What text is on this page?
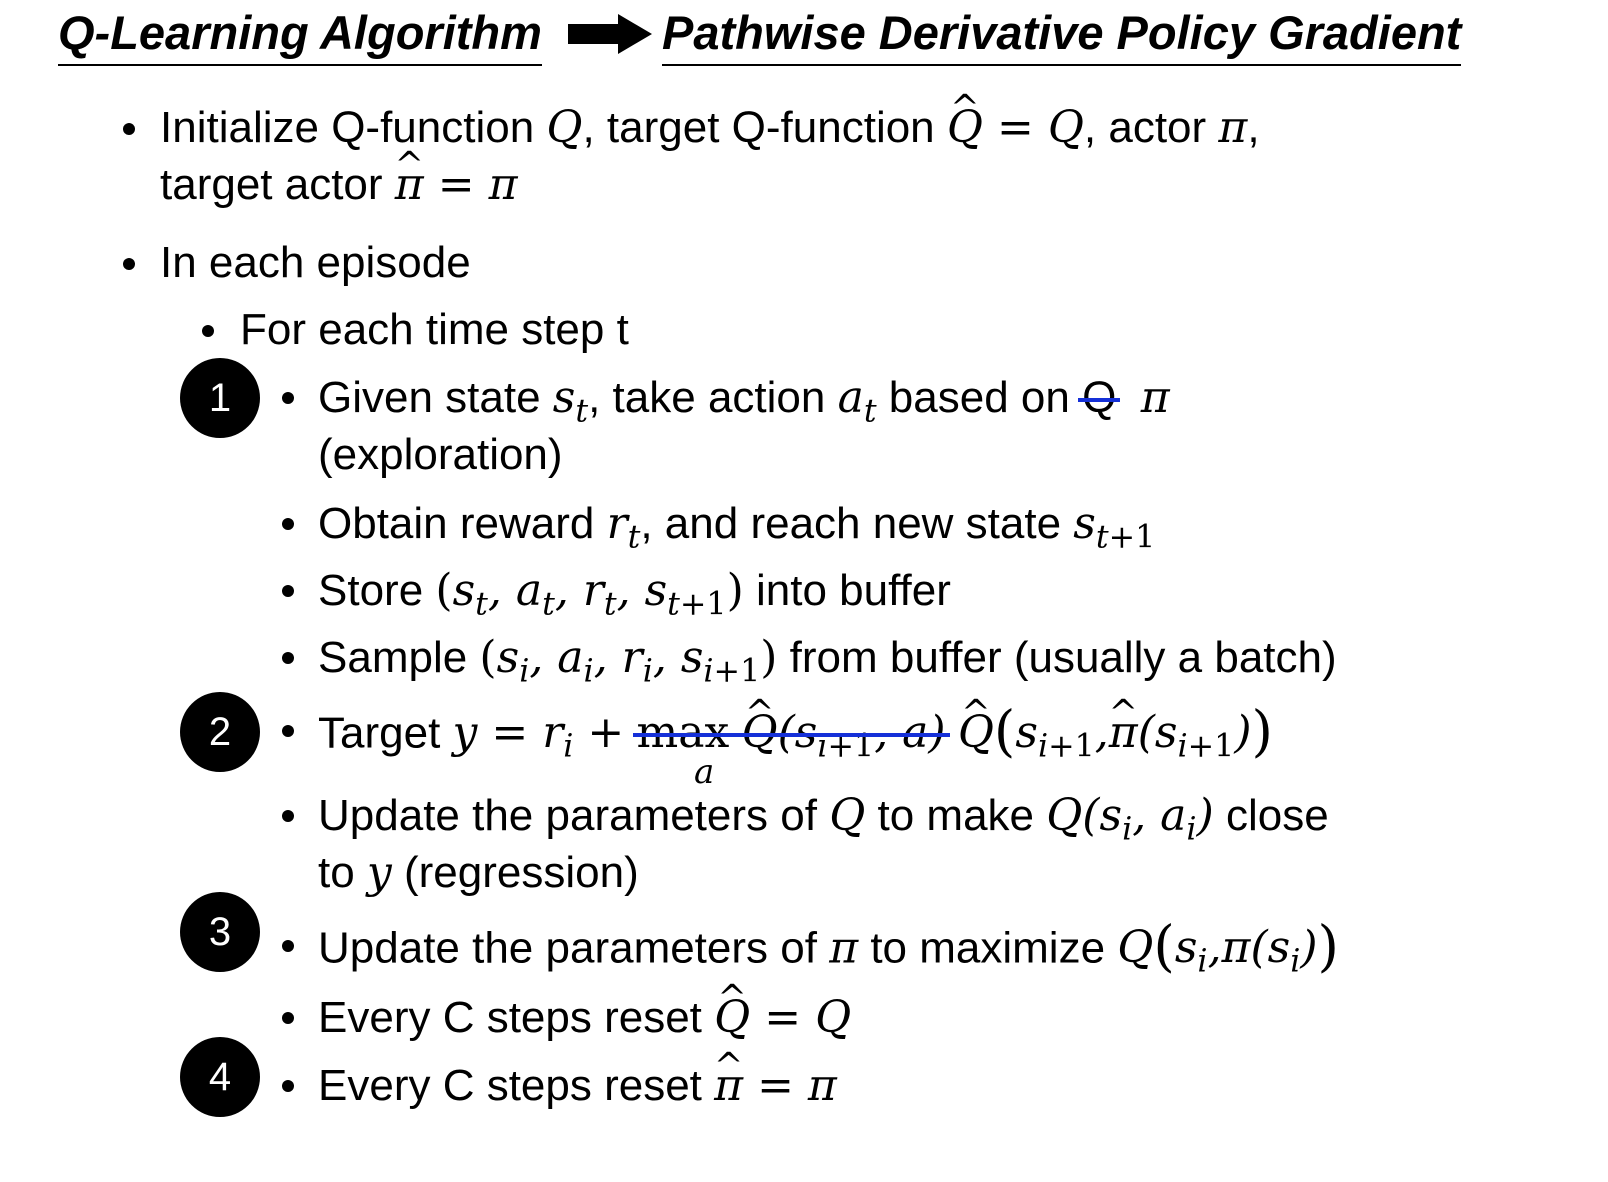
Q-Learning Algorithm	Pathwise Derivative Policy Gradient
Initialize Q-function Q, target Q-function ^ Q = Q, actor π,
target actor ^ π = π
In each episode
For each time step t
1	Given state $s_t$, take action $a_t$ based on Q π
(exploration)
Obtain reward $r_t$, and reach new state $s_{t+1}$
Store ($s_t$, $a_t$, $r_t$, $s_{t+1}$) into buffer
Sample ($s_i$, $a_i$, $r_i$, $s_{i+1}$) from buffer (usually a batch)
2	Target $y = r_i + \max$ ^ $Q(s_{i+1}$, a) ^ $Q(s_{i+1},\^{}$ $\pi(s_{i+1})$)
a
Update the parameters of Q to make $Q(s_i$, $a_i$) close
to y (regression)
3	Update the parameters of π to maximize $Q(s_i,\pi(s_i))$
Every C steps reset ^ Q = Q
4	Every C steps reset ^ π = π
